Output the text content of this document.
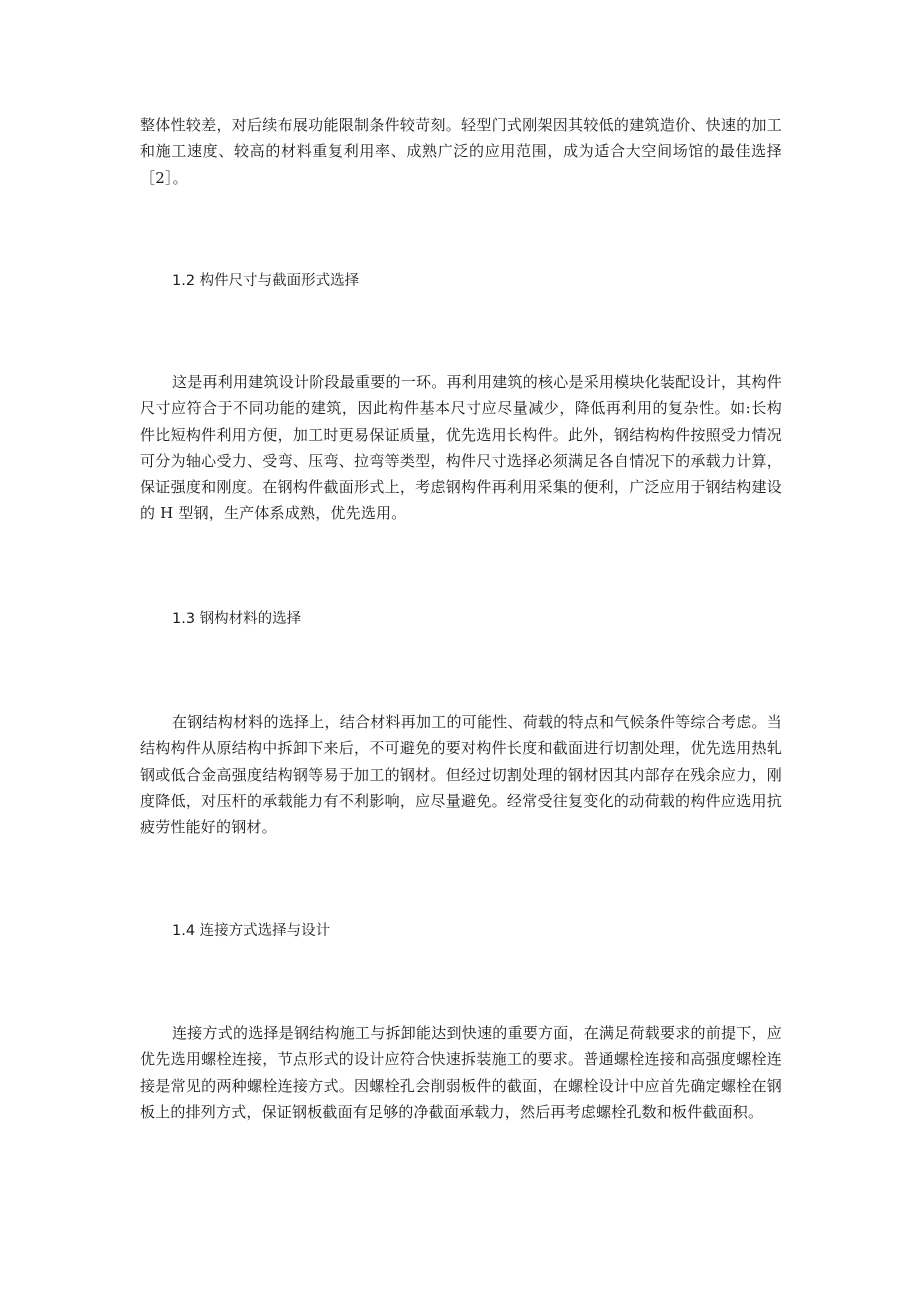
整体性较差，对后续布展功能限制条件较苛刻。轻型门式刚架因其较低的建筑造价、快速的加工和施工速度、较高的材料重复利用率、成熟广泛的应用范围，成为适合大空间场馆的最佳选择［2］。

1.2 构件尺寸与截面形式选择

这是再利用建筑设计阶段最重要的一环。再利用建筑的核心是采用模块化装配设计，其构件尺寸应符合于不同功能的建筑，因此构件基本尺寸应尽量减少，降低再利用的复杂性。如:长构件比短构件利用方便，加工时更易保证质量，优先选用长构件。此外，钢结构构件按照受力情况可分为轴心受力、受弯、压弯、拉弯等类型，构件尺寸选择必须满足各自情况下的承载力计算，保证强度和刚度。在钢构件截面形式上，考虑钢构件再利用采集的便利，广泛应用于钢结构建设的 H 型钢，生产体系成熟，优先选用。

1.3 钢构材料的选择

在钢结构材料的选择上，结合材料再加工的可能性、荷载的特点和气候条件等综合考虑。当结构构件从原结构中拆卸下来后，不可避免的要对构件长度和截面进行切割处理，优先选用热轧钢或低合金高强度结构钢等易于加工的钢材。但经过切割处理的钢材因其内部存在残余应力，刚度降低，对压杆的承载能力有不利影响，应尽量避免。经常受往复变化的动荷载的构件应选用抗疲劳性能好的钢材。

1.4 连接方式选择与设计

连接方式的选择是钢结构施工与拆卸能达到快速的重要方面，在满足荷载要求的前提下，应优先选用螺栓连接，节点形式的设计应符合快速拆装施工的要求。普通螺栓连接和高强度螺栓连接是常见的两种螺栓连接方式。因螺栓孔会削弱板件的截面，在螺栓设计中应首先确定螺栓在钢板上的排列方式，保证钢板截面有足够的净截面承载力，然后再考虑螺栓孔数和板件截面积。
